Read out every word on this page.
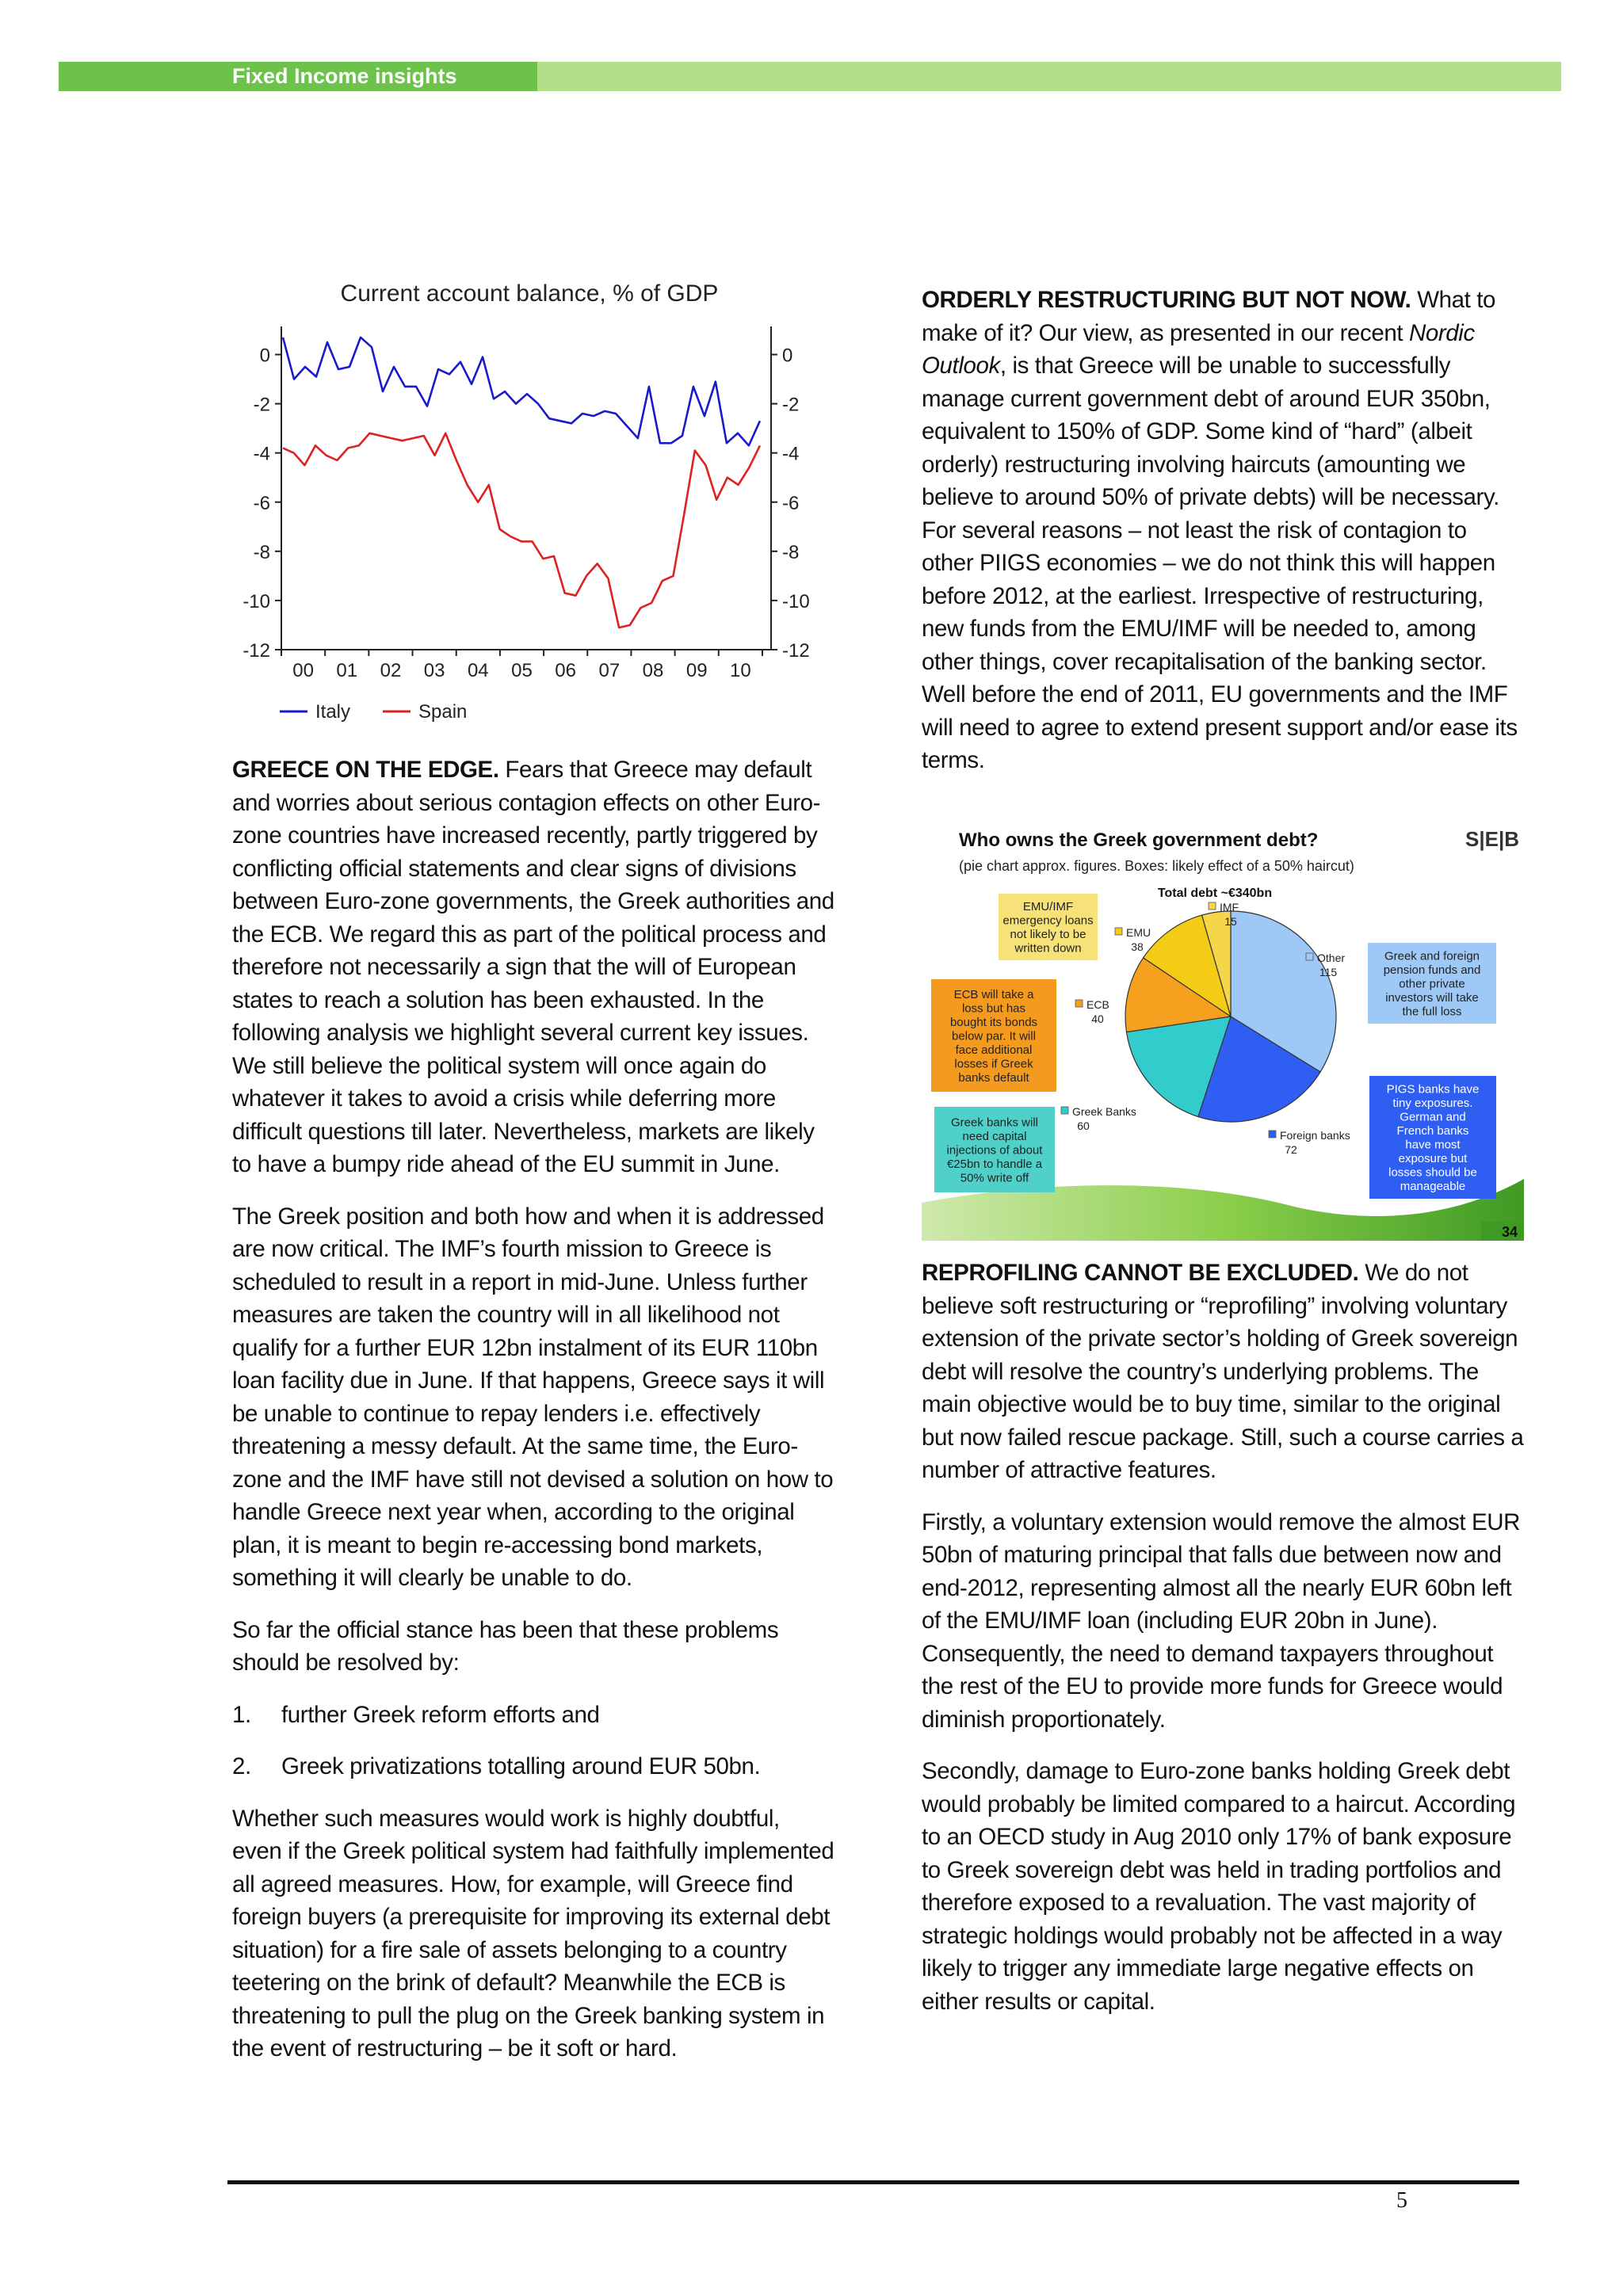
Fixed Income insights
Current account balance, % of GDP
0	0
-2	-2
-4	-4
-6	-6
-8	-8
-10	-10
-12	-12
00 01 02 03 04 05 06 07 08 09 10
Italy	Spain

GREECE ON THE EDGE. Fears that Greece may default and worries about serious contagion effects on other Euro-zone countries have increased recently, partly triggered by conflicting official statements and clear signs of divisions between Euro-zone governments, the Greek authorities and the ECB. We regard this as part of the political process and therefore not necessarily a sign that the will of European states to reach a solution has been exhausted. In the following analysis we highlight several current key issues. We still believe the political system will once again do whatever it takes to avoid a crisis while deferring more difficult questions till later. Nevertheless, markets are likely to have a bumpy ride ahead of the EU summit in June.

The Greek position and both how and when it is addressed are now critical. The IMF’s fourth mission to Greece is scheduled to result in a report in mid-June. Unless further measures are taken the country will in all likelihood not qualify for a further EUR 12bn instalment of its EUR 110bn loan facility due in June. If that happens, Greece says it will be unable to continue to repay lenders i.e. effectively threatening a messy default. At the same time, the Euro-zone and the IMF have still not devised a solution on how to handle Greece next year when, according to the original plan, it is meant to begin re-accessing bond markets, something it will clearly be unable to do.

So far the official stance has been that these problems should be resolved by:

1.	further Greek reform efforts and
2.	Greek privatizations totalling around EUR 50bn.

Whether such measures would work is highly doubtful, even if the Greek political system had faithfully implemented all agreed measures. How, for example, will Greece find foreign buyers (a prerequisite for improving its external debt situation) for a fire sale of assets belonging to a country teetering on the brink of default? Meanwhile the ECB is threatening to pull the plug on the Greek banking system in the event of restructuring – be it soft or hard.

ORDERLY RESTRUCTURING BUT NOT NOW. What to make of it? Our view, as presented in our recent Nordic Outlook, is that Greece will be unable to successfully manage current government debt of around EUR 350bn, equivalent to 150% of GDP. Some kind of “hard” (albeit orderly) restructuring involving haircuts (amounting we believe to around 50% of private debts) will be necessary. For several reasons – not least the risk of contagion to other PIIGS economies – we do not think this will happen before 2012, at the earliest. Irrespective of restructuring, new funds from the EMU/IMF will be needed to, among other things, cover recapitalisation of the banking sector. Well before the end of 2011, EU governments and the IMF will need to agree to extend present support and/or ease its terms.

34
Who owns the Greek government debt?
(pie chart approx. figures. Boxes: likely effect of a 50% haircut)
Total debt ~€340bn
S|E|B
Other
115
Foreign banks
72
Greek Banks
60
ECB
40
EMU
38
IMF
15
EMU/IMF
emergency loans
not likely to be
written down
ECB will take a
loss but has
bought its bonds
below par. It will
face additional
losses if Greek
banks default
Greek banks will
need capital
injections of about
€25bn to handle a
50% write off
Greek and foreign
pension funds and
other private
investors will take
the full loss
PIGS banks have
tiny exposures.
German and
French banks
have most
exposure but
losses should be
manageable

REPROFILING CANNOT BE EXCLUDED. We do not believe soft restructuring or “reprofiling” involving voluntary extension of the private sector’s holding of Greek sovereign debt will resolve the country’s underlying problems. The main objective would be to buy time, similar to the original but now failed rescue package. Still, such a course carries a number of attractive features.

Firstly, a voluntary extension would remove the almost EUR 50bn of maturing principal that falls due between now and end-2012, representing almost all the nearly EUR 60bn left of the EMU/IMF loan (including EUR 20bn in June). Consequently, the need to demand taxpayers throughout the rest of the EU to provide more funds for Greece would diminish proportionately.

Secondly, damage to Euro-zone banks holding Greek debt would probably be limited compared to a haircut. According to an OECD study in Aug 2010 only 17% of bank exposure to Greek sovereign debt was held in trading portfolios and therefore exposed to a revaluation. The vast majority of strategic holdings would probably not be affected in a way likely to trigger any immediate large negative effects on either results or capital.

5
